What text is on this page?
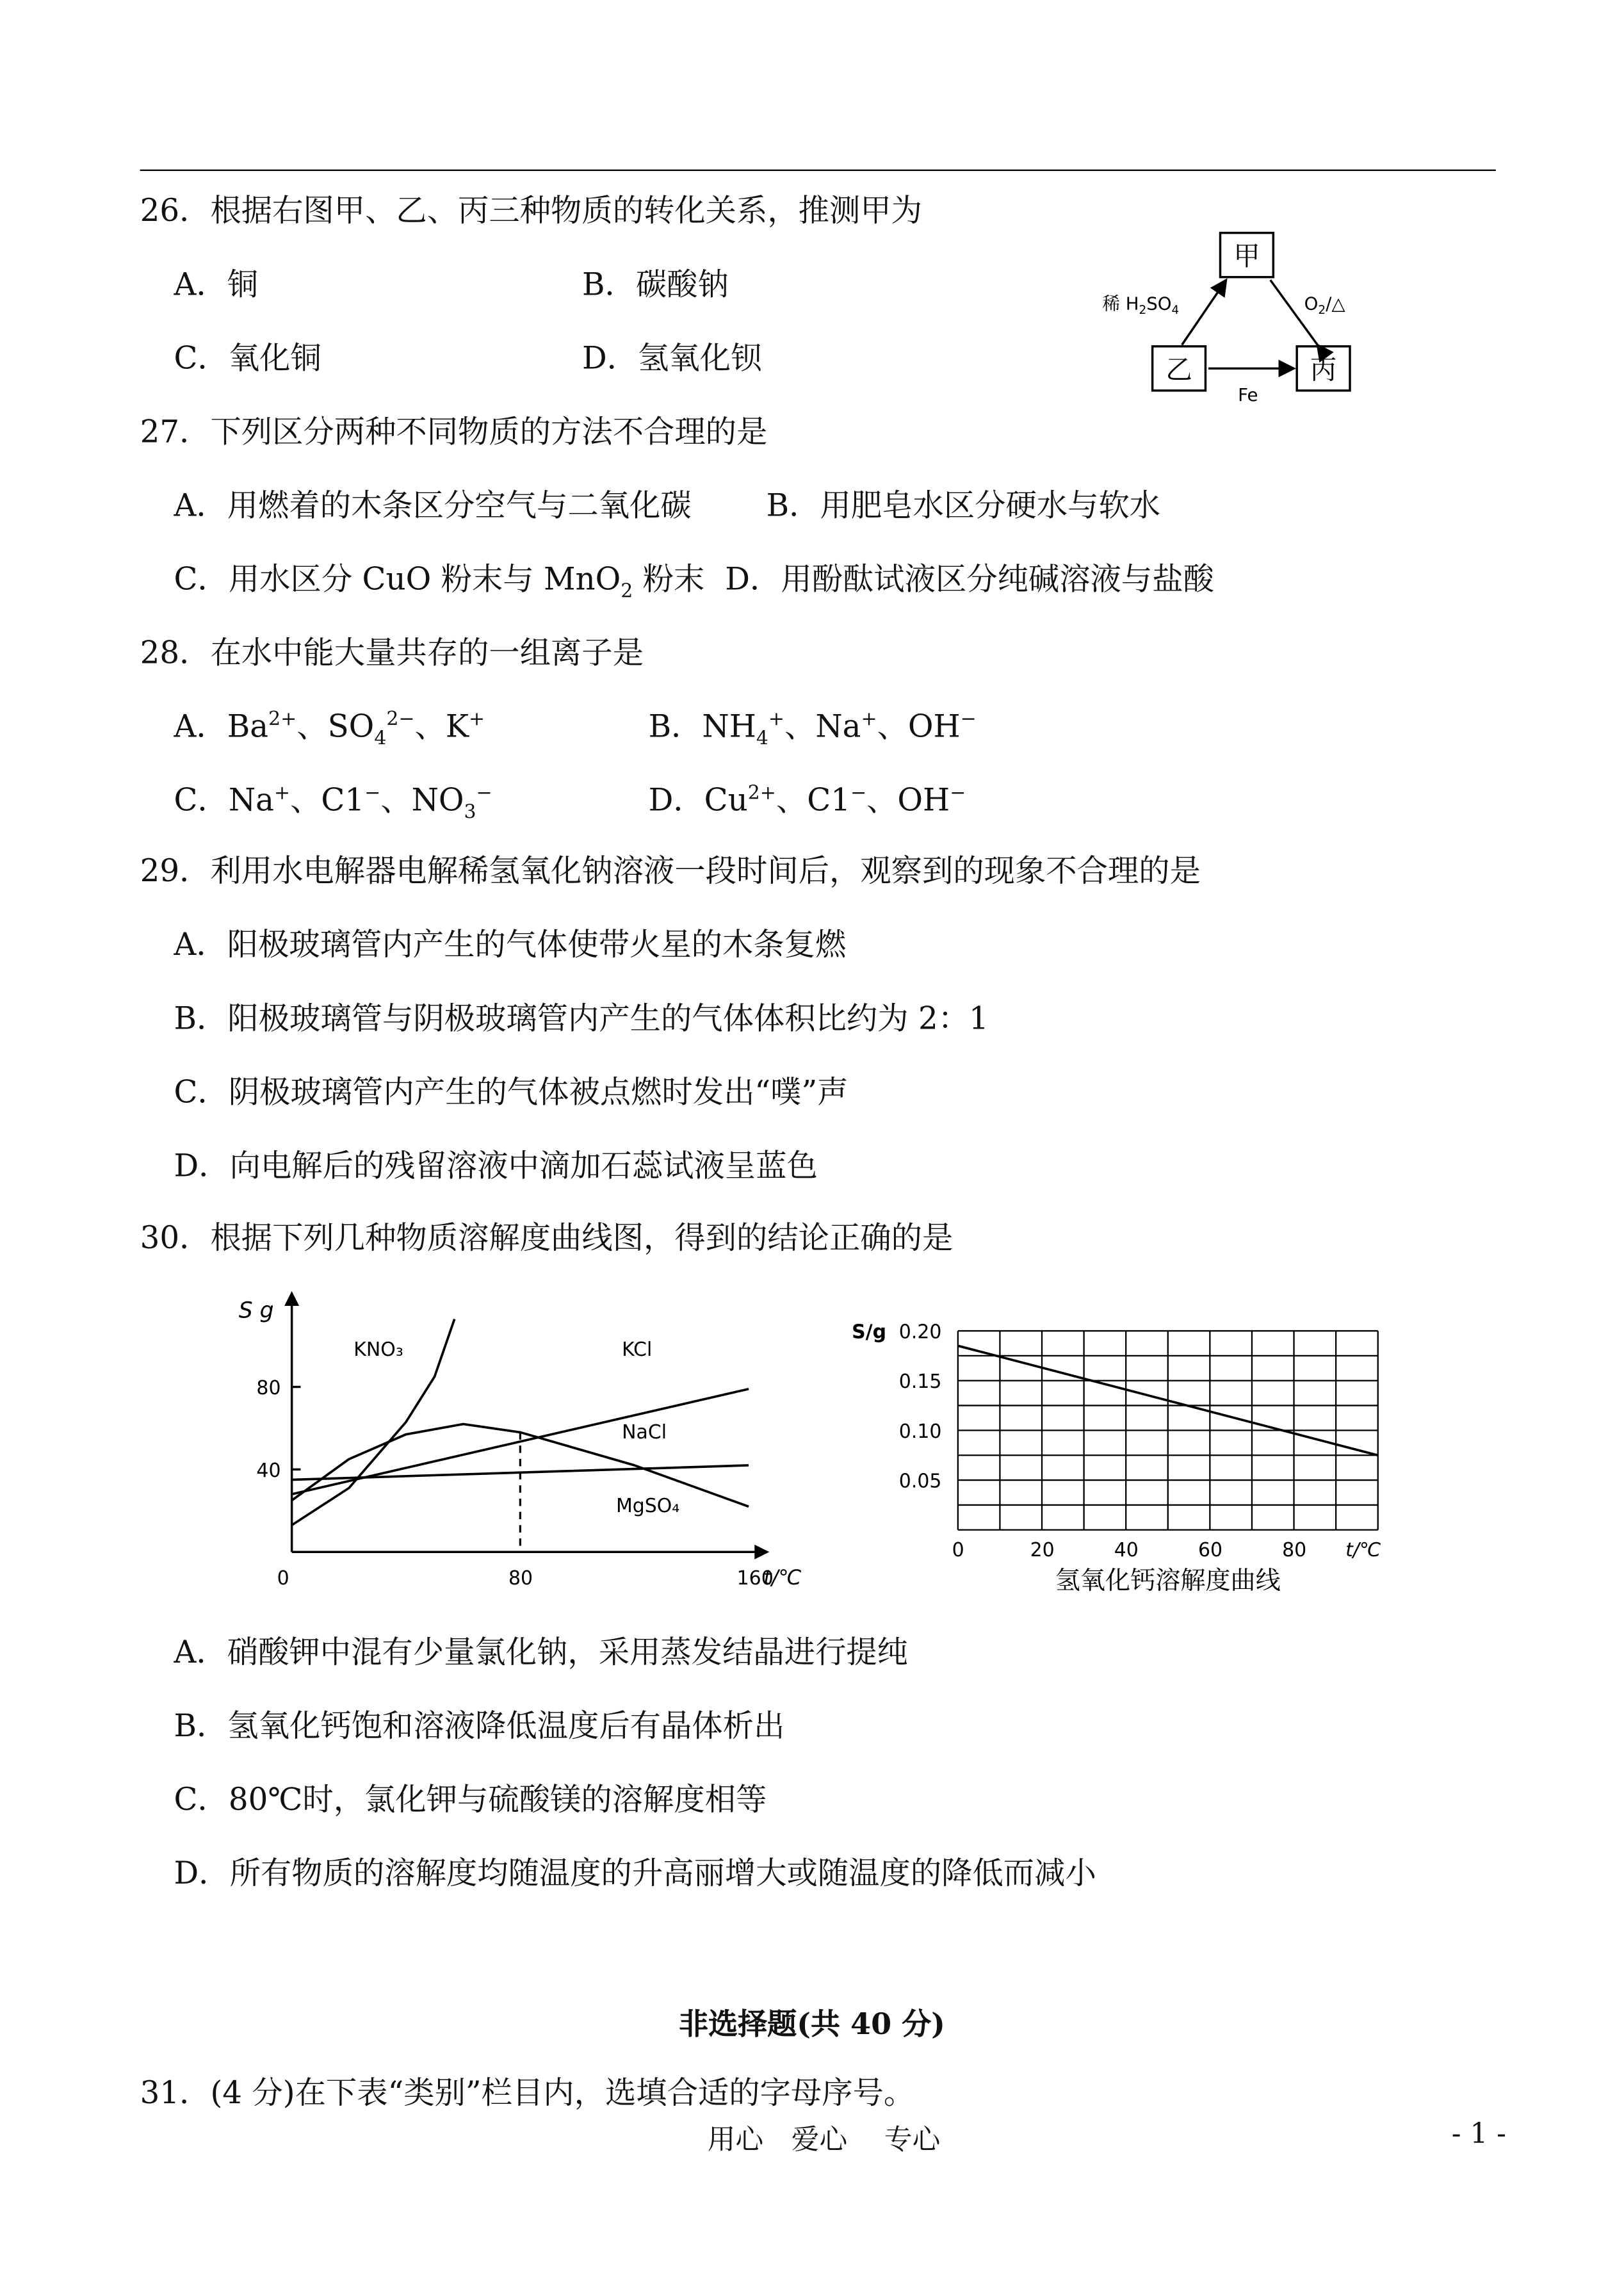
26．根据右图甲、乙、丙三种物质的转化关系，推测甲为
A．铜	B．碳酸钠
C．氧化铜	D．氢氧化钡
甲
乙	丙
稀 $H_2SO_4$	$O_2/\triangle$
Fe
27．下列区分两种不同物质的方法不合理的是
A．用燃着的木条区分空气与二氧化碳	B．用肥皂水区分硬水与软水
C．用水区分 CuO 粉末与 MnO$_2$ 粉末 D．用酚酞试液区分纯碱溶液与盐酸
28．在水中能大量共存的一组离子是
A．$Ba^{2+}$、$SO_4^{2-}$、K+	B．$NH_4^+$、Na+、OH−
C．Na+、C1−、$NO_3^-$	D．$Cu^{2+}$、C1−、OH−
29．利用水电解器电解稀氢氧化钠溶液一段时间后，观察到的现象不合理的是
A．阳极玻璃管内产生的气体使带火星的木条复燃
B．阳极玻璃管与阴极玻璃管内产生的气体体积比约为 2：1
C．阴极玻璃管内产生的气体被点燃时发出“噗”声
D．向电解后的残留溶液中滴加石蕊试液呈蓝色
30．根据下列几种物质溶解度曲线图，得到的结论正确的是
S g
40
80
0	80	160
t/℃
KNO₃	KCl
NaCl
MgSO₄
S/g
0.05
0.10
0.15
0.20
0	20	40	60	80	t/℃
氢氧化钙溶解度曲线
A．硝酸钾中混有少量氯化钠，采用蒸发结晶进行提纯
B．氢氧化钙饱和溶液降低温度后有晶体析出
C．80℃时，氯化钾与硫酸镁的溶解度相等
D．所有物质的溶解度均随温度的升高丽增大或随温度的降低而减小
非选择题(共 40 分)
31．(4 分)在下表“类别”栏目内，选填合适的字母序号。
用心　爱心　 专心	- 1 -
